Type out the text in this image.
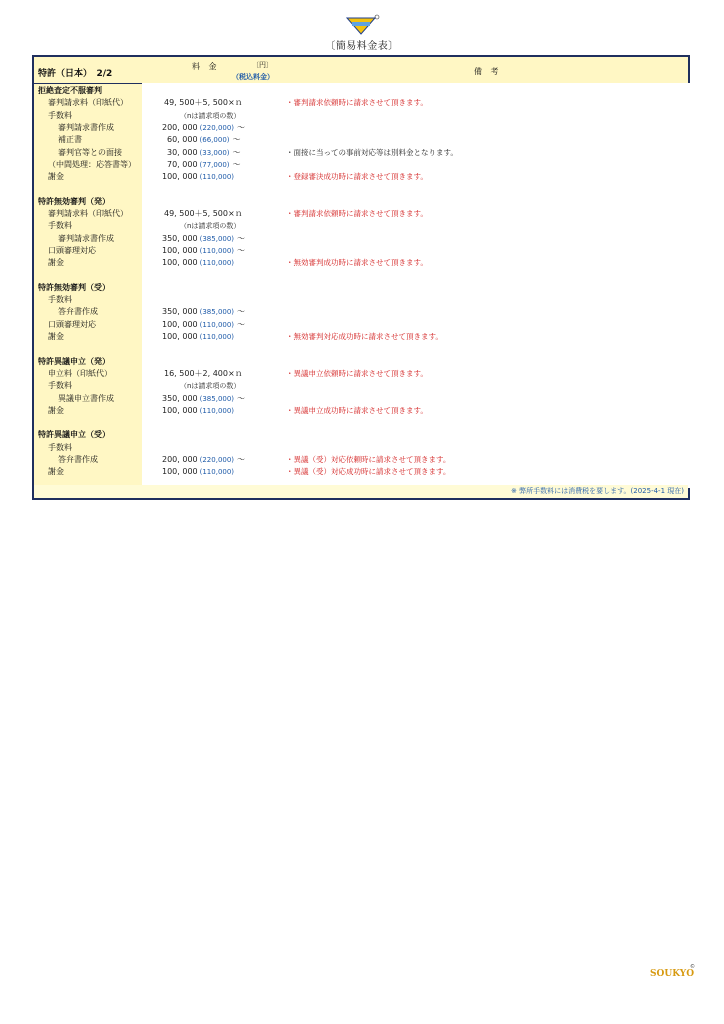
〔簡易料金表〕
特許（日本）　2/2
料 金	〔円〕
（税込料金）
備 考
※ 弊所手数料には消費税を要します。(2025-4-1 現在)
拒絶査定不服審判
審判請求料（印紙代）	49, 500＋5, 500×ｎ	・審判請求依頼時に請求させて頂きます。
手数料	（nは請求項の数）
審判請求書作成	200, 000 (220,000) 〜
補正書	60, 000 (66,000) 〜
審判官等との面接	30, 000 (33,000) 〜	・面接に当っての事前対応等は別料金となります。
（中間処理：応答書等）	70, 000 (77,000) 〜
謝金	100, 000 (110,000)	・登録審決成功時に請求させて頂きます。
特許無効審判（発）
審判請求料（印紙代）	49, 500＋5, 500×ｎ	・審判請求依頼時に請求させて頂きます。
手数料	（nは請求項の数）
審判請求書作成	350, 000 (385,000) 〜
口頭審理対応	100, 000 (110,000) 〜
謝金	100, 000 (110,000)	・無効審判成功時に請求させて頂きます。
特許無効審判（受）
手数料
答弁書作成	350, 000 (385,000) 〜
口頭審理対応	100, 000 (110,000) 〜
謝金	100, 000 (110,000)	・無効審判対応成功時に請求させて頂きます。
特許異議申立（発）
申立料（印紙代）	16, 500＋2, 400×ｎ	・異議申立依頼時に請求させて頂きます。
手数料	（nは請求項の数）
異議申立書作成	350, 000 (385,000) 〜
謝金	100, 000 (110,000)	・異議申立成功時に請求させて頂きます。
特許異議申立（受）
手数料
答弁書作成	200, 000 (220,000) 〜	・異議（受）対応依頼時に請求させて頂きます。
謝金	100, 000 (110,000)	・異議（受）対応成功時に請求させて頂きます。
SOUKYO
©
